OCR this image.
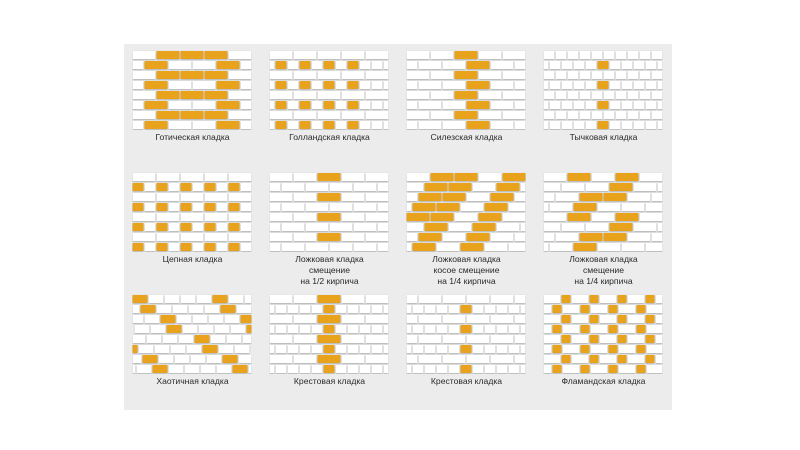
Готическая кладка	Голландская кладка	Силезская кладка	Тычковая кладка
Цепная кладка	Ложковая кладка
смещение
на 1/2 кирпича
Ложковая кладка
косое смещение
на 1/4 кирпича
Ложковая кладка
смещение
на 1/4 кирпича
Хаотичная кладка	Крестовая кладка	Крестовая кладка	Фламандская кладка
